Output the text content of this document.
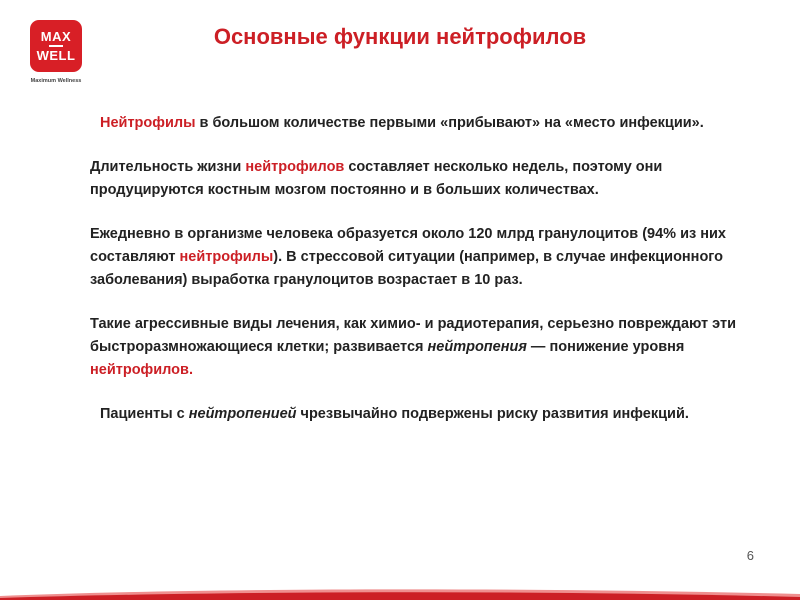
MAX
WELL
Maximum Wellness
Основные функции нейтрофилов

Нейтрофилы в большом количестве первыми «прибывают» на «место инфекции».

Длительность жизни нейтрофилов составляет несколько недель, поэтому они продуцируются костным мозгом постоянно и в больших количествах.

Ежедневно в организме человека образуется около 120 млрд гранулоцитов (94% из них составляют нейтрофилы). В стрессовой ситуации (например, в случае инфекционного заболевания) выработка гранулоцитов возрастает в 10 раз.

Такие агрессивные виды лечения, как химио- и радиотерапия, серьезно повреждают эти быстроразмножающиеся клетки; развивается нейтропения — понижение уровня нейтрофилов.

Пациенты с нейтропенией чрезвычайно подвержены риску развития инфекций.

6
